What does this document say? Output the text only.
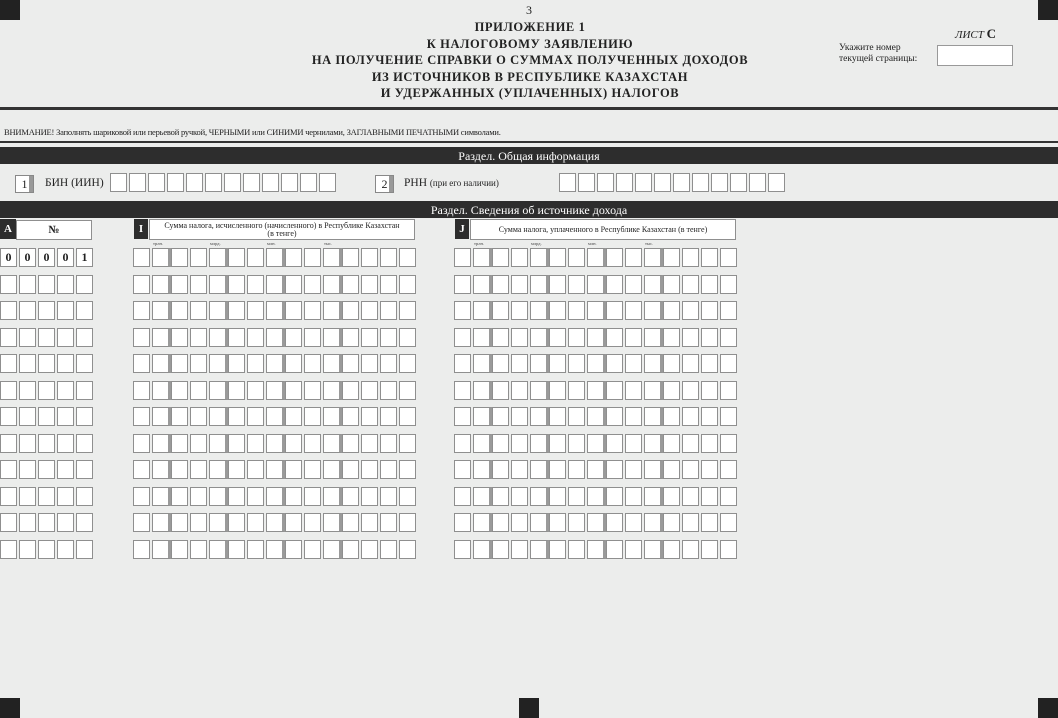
3
ПРИЛОЖЕНИЕ 1
К НАЛОГОВОМУ ЗАЯВЛЕНИЮ
НА ПОЛУЧЕНИЕ СПРАВКИ О СУММАХ ПОЛУЧЕННЫХ ДОХОДОВ
ИЗ ИСТОЧНИКОВ В РЕСПУБЛИКЕ КАЗАХСТАН
И УДЕРЖАННЫХ (УПЛАЧЕННЫХ) НАЛОГОВ
ЛИСТ С
Укажите номер
текущей страницы:
ВНИМАНИЕ! Заполнять шариковой или перьевой ручкой, ЧЕРНЫМИ или СИНИМИ чернилами, ЗАГЛАВНЫМИ ПЕЧАТНЫМИ символами.
Раздел. Общая информация
1	БИН (ИИН)	2	РНН (при его наличии)
Раздел. Сведения об источнике дохода
A	№	I	Сумма налога, исчисленного (начисленного) в Республике Казахстан
(в тенге)	J	Сумма налога, уплаченного в Республике Казахстан (в тенге)
трлн.	млрд.	млн.	тыс.	трлн.	млрд.	млн.	тыс.
0	0	0	0	1
